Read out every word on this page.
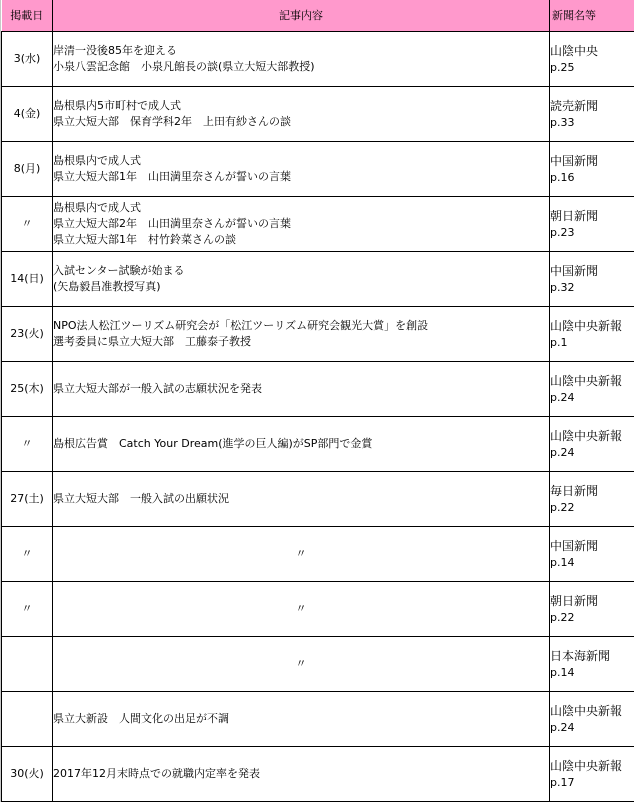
掲載日	記事内容	新聞名等
3(水)	岸清一没後85年を迎える
小泉八雲記念館　小泉凡館長の談(県立大短大部教授)	山陰中央
p.25

4(金)	島根県内5市町村で成人式
県立大短大部　保育学科2年　上田有紗さんの談	読売新聞
p.33

8(月)	島根県内で成人式
県立大短大部1年　山田満里奈さんが誓いの言葉	中国新聞
p.16

〃	島根県内で成人式
県立大短大部2年　山田満里奈さんが誓いの言葉
県立大短大部1年　村竹鈴菜さんの談	朝日新聞
p.23

14(日)	入試センター試験が始まる
(矢島毅昌准教授写真)	中国新聞
p.32

23(火)	NPO法人松江ツーリズム研究会が「松江ツーリズム研究会観光大賞」を創設
選考委員に県立大短大部　工藤泰子教授	山陰中央新報
p.1

25(木)	県立大短大部が一般入試の志願状況を発表	山陰中央新報
p.24

〃	島根広告賞　Catch Your Dream(進学の巨人編)がSP部門で金賞	山陰中央新報
p.24

27(土)	県立大短大部　一般入試の出願状況	毎日新聞
p.22

〃	〃	中国新聞
p.14

〃	〃	朝日新聞
p.22

	〃	日本海新聞
p.14

	県立大新設　人間文化の出足が不調	山陰中央新報
p.24

30(火)	2017年12月末時点での就職内定率を発表	山陰中央新報
p.17
